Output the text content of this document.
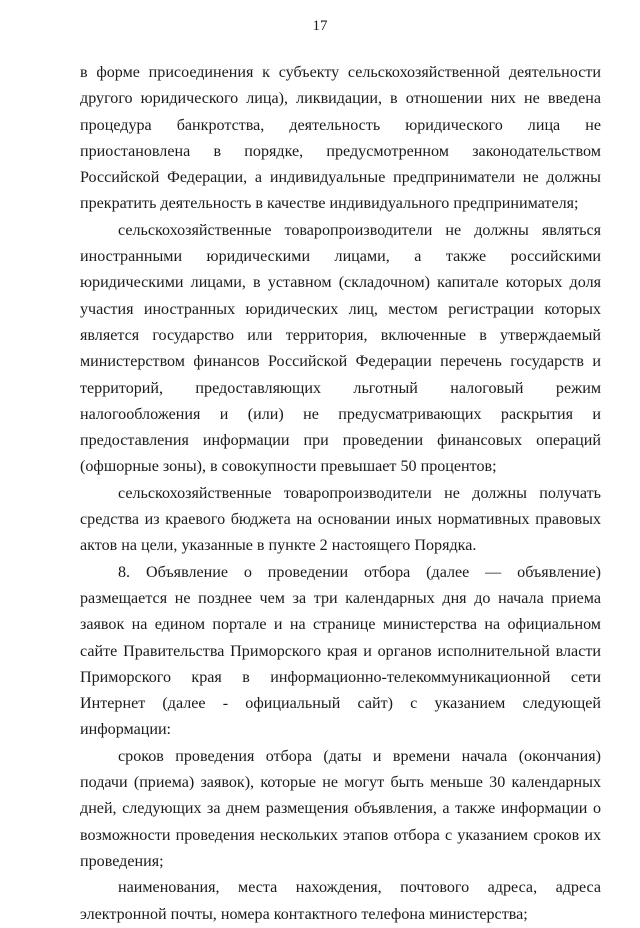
17

в форме присоединения к субъекту сельскохозяйственной деятельности другого юридического лица), ликвидации, в отношении них не введена процедура банкротства, деятельность юридического лица не приостановлена в порядке, предусмотренном законодательством Российской Федерации, а индивидуальные предприниматели не должны прекратить деятельность в качестве индивидуального предпринимателя;

сельскохозяйственные товаропроизводители не должны являться иностранными юридическими лицами, а также российскими юридическими лицами, в уставном (складочном) капитале которых доля участия иностранных юридических лиц, местом регистрации которых является государство или территория, включенные в утверждаемый министерством финансов Российской Федерации перечень государств и территорий, предоставляющих льготный налоговый режим налогообложения и (или) не предусматривающих раскрытия и предоставления информации при проведении финансовых операций (офшорные зоны), в совокупности превышает 50 процентов;

сельскохозяйственные товаропроизводители не должны получать средства из краевого бюджета на основании иных нормативных правовых актов на цели, указанные в пункте 2 настоящего Порядка.

8. Объявление о проведении отбора (далее — объявление) размещается не позднее чем за три календарных дня до начала приема заявок на едином портале и на странице министерства на официальном сайте Правительства Приморского края и органов исполнительной власти Приморского края в информационно-телекоммуникационной сети Интернет (далее - официальный сайт) с указанием следующей информации:

сроков проведения отбора (даты и времени начала (окончания) подачи (приема) заявок), которые не могут быть меньше 30 календарных дней, следующих за днем размещения объявления, а также информации о возможности проведения нескольких этапов отбора с указанием сроков их проведения;

наименования, места нахождения, почтового адреса, адреса электронной почты, номера контактного телефона министерства;
